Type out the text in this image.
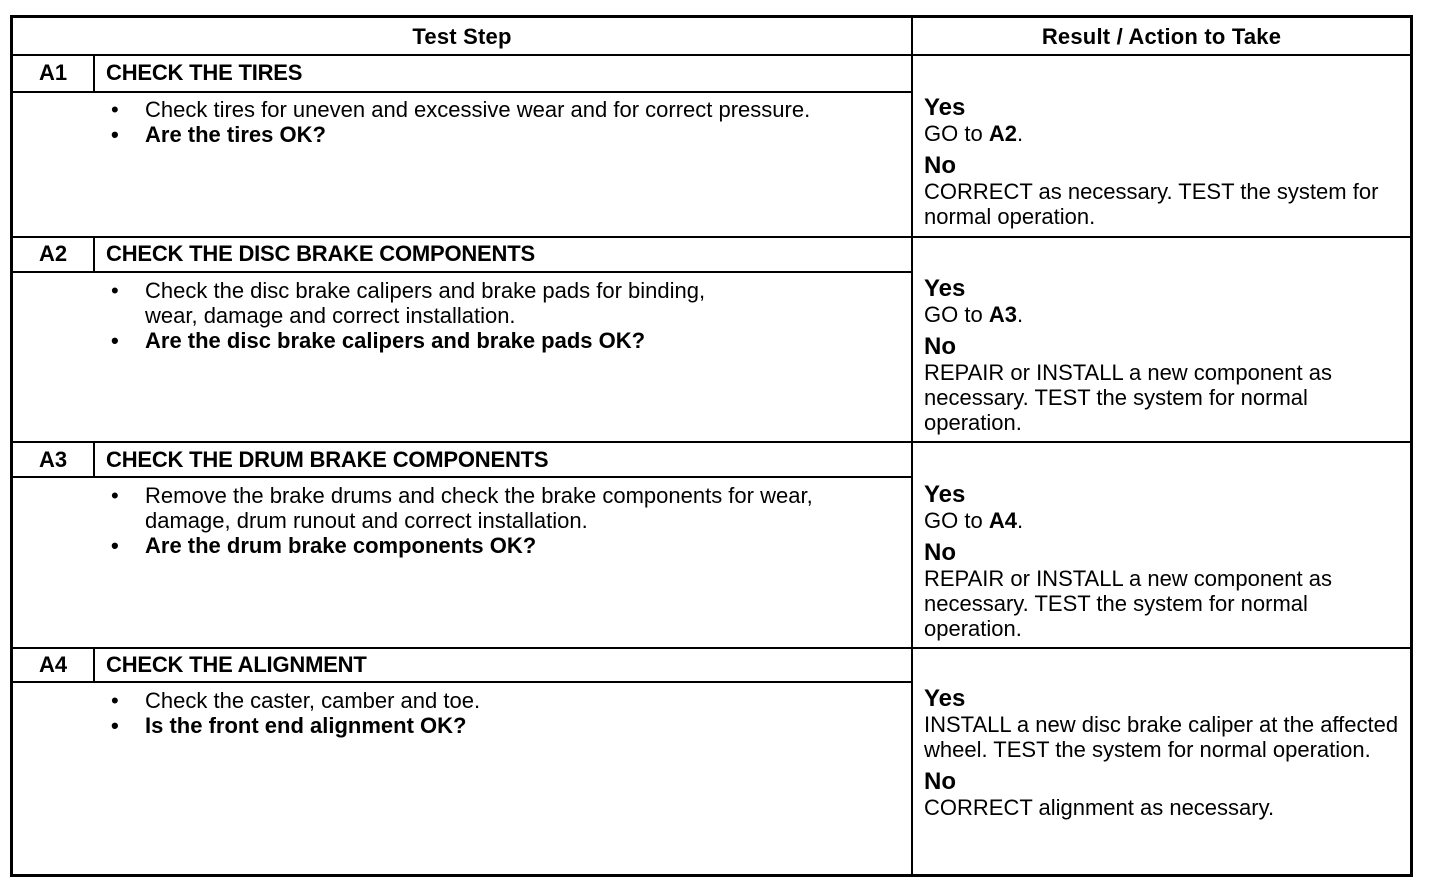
Test Step	Result / Action to Take
A1	CHECK THE TIRES
• Check tires for uneven and excessive wear and for correct pressure.
• Are the tires OK?
Yes
GO to A2.
No
CORRECT as necessary. TEST the system for normal operation.
A2	CHECK THE DISC BRAKE COMPONENTS
• Check the disc brake calipers and brake pads for binding, wear, damage and correct installation.
• Are the disc brake calipers and brake pads OK?
Yes
GO to A3.
No
REPAIR or INSTALL a new component as necessary. TEST the system for normal operation.
A3	CHECK THE DRUM BRAKE COMPONENTS
• Remove the brake drums and check the brake components for wear, damage, drum runout and correct installation.
• Are the drum brake components OK?
Yes
GO to A4.
No
REPAIR or INSTALL a new component as necessary. TEST the system for normal operation.
A4	CHECK THE ALIGNMENT
• Check the caster, camber and toe.
• Is the front end alignment OK?
Yes
INSTALL a new disc brake caliper at the affected wheel. TEST the system for normal operation.
No
CORRECT alignment as necessary.
